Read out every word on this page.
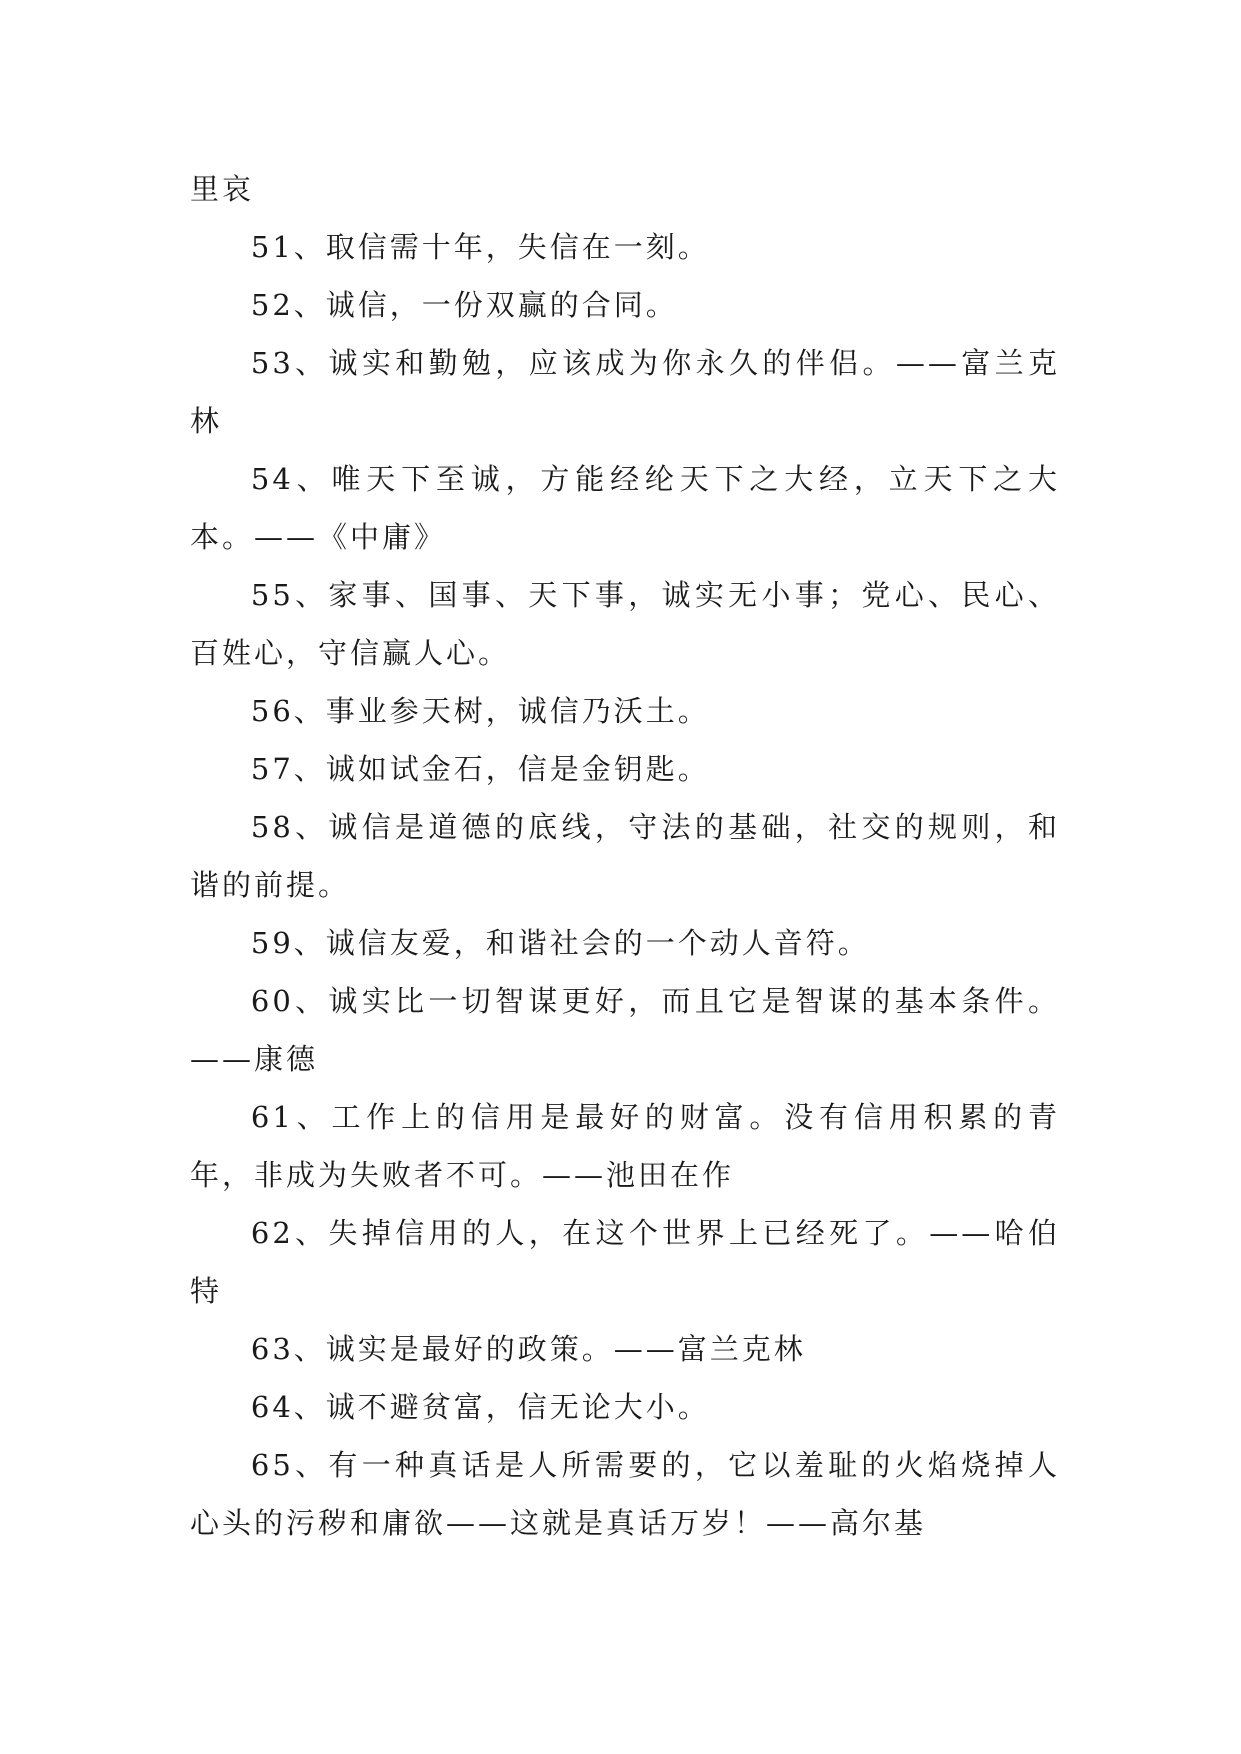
里哀

51、取信需十年，失信在一刻。

52、诚信，一份双赢的合同。

53、诚实和勤勉，应该成为你永久的伴侣。——富兰克林

54、唯天下至诚，方能经纶天下之大经，立天下之大本。——《中庸》

55、家事、国事、天下事，诚实无小事；党心、民心、百姓心，守信赢人心。

56、事业参天树，诚信乃沃土。

57、诚如试金石，信是金钥匙。

58、诚信是道德的底线，守法的基础，社交的规则，和谐的前提。

59、诚信友爱，和谐社会的一个动人音符。

60、诚实比一切智谋更好，而且它是智谋的基本条件。——康德

61、工作上的信用是最好的财富。没有信用积累的青年，非成为失败者不可。——池田在作

62、失掉信用的人，在这个世界上已经死了。——哈伯特

63、诚实是最好的政策。——富兰克林

64、诚不避贫富，信无论大小。

65、有一种真话是人所需要的，它以羞耻的火焰烧掉人心头的污秽和庸欲——这就是真话万岁！——高尔基
